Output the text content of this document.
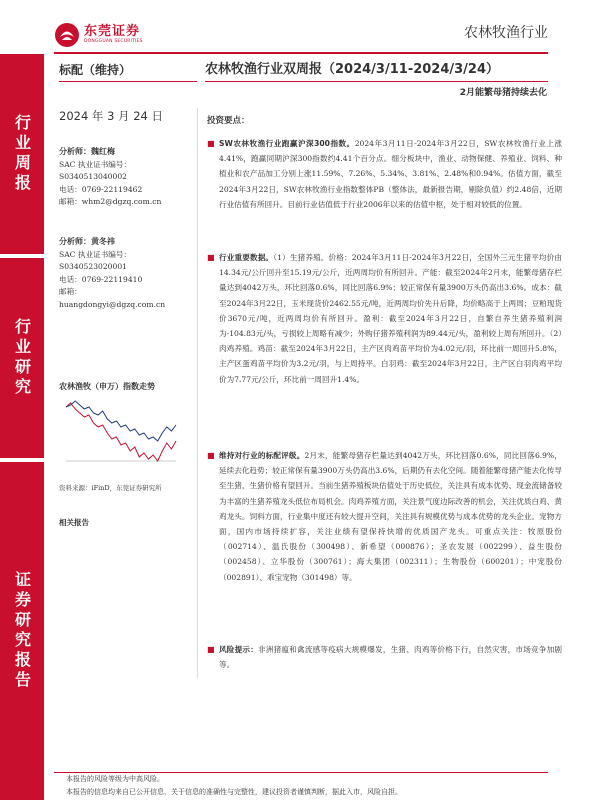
东莞证券
DONGGUAN SECURITIES
农林牧渔行业
行业周报
行业研究
证券研究报告
标配（维持）	农林牧渔行业双周报（2024/3/11-2024/3/24）
2月能繁母猪持续去化
2024 年 3 月 24 日
分析师：魏红梅
SAC 执业证书编号：
S0340513040002
电话：0769-22119462
邮箱：whm2@dgzq.com.cn
分析师：黄冬祎
SAC 执业证书编号：
S0340523020001
电话：0769-22119410
邮箱：
huangdongyi@dgzq.com.cn
农林渔牧（申万）指数走势
资料来源：iFinD，东莞证券研究所
相关报告
投资要点：
■ SW农林牧渔行业跑赢沪深300指数。2024年3月11日-2024年3月22日，SW农林牧渔行业上涨4.41%，跑赢同期沪深300指数约4.41个百分点。细分板块中，渔业、动物保健、养殖业、饲料、种植业和农产品加工分别上涨11.59%、7.26%、5.34%、3.81%、2.48%和0.94%。估值方面，截至2024年3月22日，SW农林牧渔行业指数整体PB（整体法，最新报告期，剔除负值）约2.48倍，近期行业估值有所回升。目前行业估值低于行业2006年以来的估值中枢，处于相对较低的位置。

■ 行业重要数据。（1）生猪养殖。价格：2024年3月11日-2024年3月22日，全国外三元生猪平均价由14.34元/公斤回升至15.19元/公斤，近两周均价有所回升。产能：截至2024年2月末，能繁母猪存栏量达到4042万头，环比回落0.6%，同比回落6.9%；较正常保有量3900万头仍高出3.6%。成本：截至2024年3月22日，玉米现货价2462.55元/吨，近两周均价先升后降，均价略高于上两周；豆粕现货价3670元/吨，近两周均价有所回升。盈利：截至2024年3月22日，自繁自养生猪养殖利润为-104.83元/头，亏损较上周略有减少；外购仔猪养殖利润为89.44元/头，盈利较上周有所回升。（2）肉鸡养殖。鸡苗：截至2024年3月22日，主产区肉鸡苗平均价为4.02元/羽，环比前一周回升5.8%，主产区蛋鸡苗平均价为3.2元/羽，与上周持平。白羽鸡：截至2024年3月22日，主产区白羽肉鸡平均价为7.77元/公斤，环比前一周回升1.4%。

■ 维持对行业的标配评级。2月末，能繁母猪存栏量达到4042万头，环比回落0.6%，同比回落6.9%，延续去化趋势；较正常保有量3900万头仍高出3.6%，后期仍有去化空间。随着能繁母猪产能去化传导至生猪，生猪价格有望回升。当前生猪养殖板块估值处于历史低位，关注具有成本优势、现金流储备较为丰富的生猪养殖龙头低位布局机会。肉鸡养殖方面，关注景气度边际改善的机会，关注优质白鸡、黄鸡龙头。饲料方面，行业集中度还有较大提升空间，关注具有规模优势与成本优势的龙头企业。宠物方面，国内市场持续扩容，关注业绩有望保持快增的优质国产龙头。可重点关注：牧原股份（002714）、温氏股份（300498）、新希望（000876）；圣农发展（002299）、益生股份（002458）、立华股份（300761）；海大集团（002311）；生物股份（600201）；中宠股份（002891）、乖宝宠物（301498）等。

■ 风险提示：非洲猪瘟和禽流感等疫病大规模爆发，生猪、肉鸡等价格下行，自然灾害，市场竞争加剧等。

本报告的风险等级为中高风险。
本报告的信息均来自已公开信息，关于信息的准确性与完整性，建议投资者谨慎判断，据此入市，风险自担。
